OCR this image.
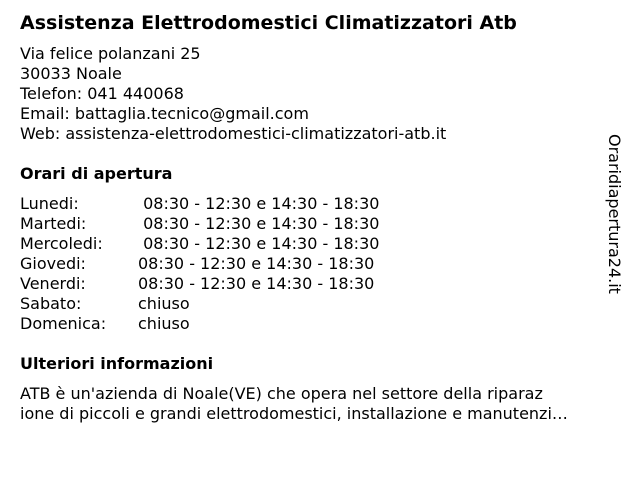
Assistenza Elettrodomestici Climatizzatori Atb
Via felice polanzani 25
30033 Noale
Telefon: 041 440068
Email: battaglia.tecnico@gmail.com
Web: assistenza-elettrodomestici-climatizzatori-atb.it
Orari di apertura
Lunedi:	08:30 - 12:30 e 14:30 - 18:30
Martedi:	08:30 - 12:30 e 14:30 - 18:30
Mercoledi:	08:30 - 12:30 e 14:30 - 18:30
Giovedi:	08:30 - 12:30 e 14:30 - 18:30
Venerdi:	08:30 - 12:30 e 14:30 - 18:30
Sabato:	chiuso
Domenica:	chiuso
Ulteriori informazioni
ATB è un'azienda di Noale(VE) che opera nel settore della riparaz
ione di piccoli e grandi elettrodomestici, installazione e manutenzi…
Oraridiapertura24.it
